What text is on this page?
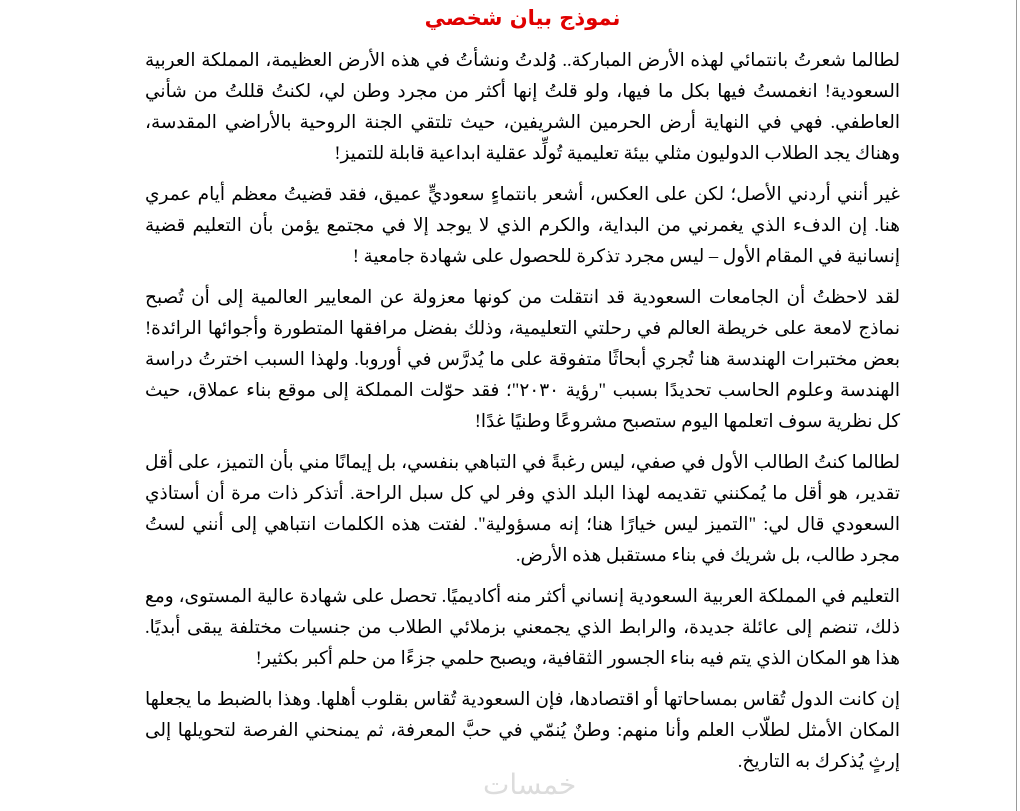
نموذج بيان شخصي

لطالما شعرتُ بانتمائي لهذه الأرض المباركة.. وُلدتُ ونشأتُ في هذه الأرض العظيمة، المملكة العربية السعودية! انغمستُ فيها بكل ما فيها، ولو قلتُ إنها أكثر من مجرد وطن لي، لكنتُ قللتُ من شأني العاطفي. فهي في النهاية أرض الحرمين الشريفين، حيث تلتقي الجنة الروحية بالأراضي المقدسة، وهناك يجد الطلاب الدوليون مثلي بيئة تعليمية تُولِّد عقلية ابداعية قابلة للتميز!

غير أنني أردني الأصل؛ لكن على العكس، أشعر بانتماءٍ سعوديٍّ عميق، فقد قضيتُ معظم أيام عمري هنا. إن الدفء الذي يغمرني من البداية، والكرم الذي لا يوجد إلا في مجتمع يؤمن بأن التعليم قضية إنسانية في المقام الأول – ليس مجرد تذكرة للحصول على شهادة جامعية !

لقد لاحظتُ أن الجامعات السعودية قد انتقلت من كونها معزولة عن المعايير العالمية إلى أن تُصبح نماذج لامعة على خريطة العالم في رحلتي التعليمية، وذلك بفضل مرافقها المتطورة وأجوائها الرائدة! بعض مختبرات الهندسة هنا تُجري أبحاثًا متفوقة على ما يُدرَّس في أوروبا. ولهذا السبب اخترتُ دراسة الهندسة وعلوم الحاسب تحديدًا بسبب "رؤية ٢٠٣٠"؛ فقد حوّلت المملكة إلى موقع بناء عملاق، حيث كل نظرية سوف اتعلمها اليوم ستصبح مشروعًا وطنيًا غدًا!

لطالما كنتُ الطالب الأول في صفي، ليس رغبةً في التباهي بنفسي، بل إيمانًا مني بأن التميز، على أقل تقدير، هو أقل ما يُمكنني تقديمه لهذا البلد الذي وفر لي كل سبل الراحة. أتذكر ذات مرة أن أستاذي السعودي قال لي: "التميز ليس خيارًا هنا؛ إنه مسؤولية". لفتت هذه الكلمات انتباهي إلى أنني لستُ مجرد طالب، بل شريك في بناء مستقبل هذه الأرض.

التعليم في المملكة العربية السعودية إنساني أكثر منه أكاديميًا. تحصل على شهادة عالية المستوى، ومع ذلك، تنضم إلى عائلة جديدة، والرابط الذي يجمعني بزملائي الطلاب من جنسيات مختلفة يبقى أبديًا. هذا هو المكان الذي يتم فيه بناء الجسور الثقافية، ويصبح حلمي جزءًا من حلم أكبر بكثير!

إن كانت الدول تُقاس بمساحاتها أو اقتصادها، فإن السعودية تُقاس بقلوب أهلها. وهذا بالضبط ما يجعلها المكان الأمثل لطلّاب العلم وأنا منهم: وطنٌ يُنمّي في حبَّ المعرفة، ثم يمنحني الفرصة لتحويلها إلى إرثٍ يُذكرك به التاريخ.

خمسات
